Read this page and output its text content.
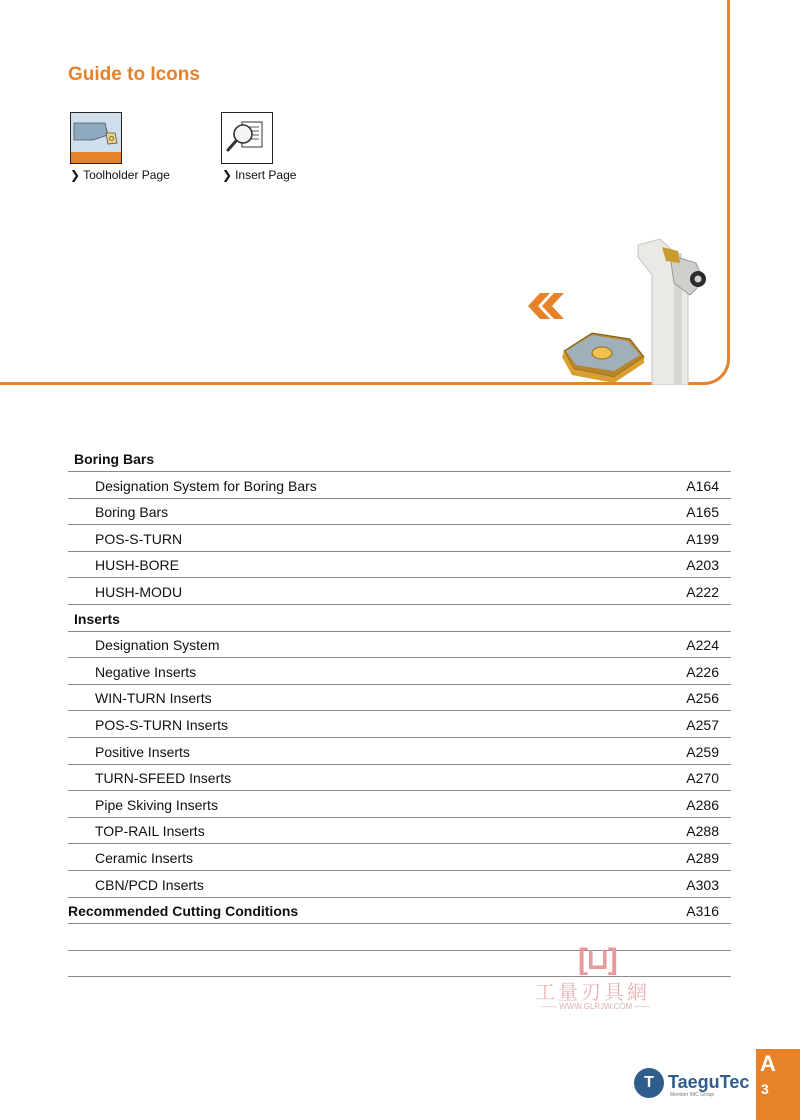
Guide to Icons
❯ Toolholder Page	❯ Insert Page
Boring Bars
Designation System for Boring Bars	A164
Boring Bars	A165
POS-S-TURN	A199
HUSH-BORE	A203
HUSH-MODU	A222
Inserts
Designation System	A224
Negative Inserts	A226
WIN-TURN Inserts	A256
POS-S-TURN Inserts	A257
Positive Inserts	A259
TURN-SFEED Inserts	A270
Pipe Skiving Inserts	A286
TOP-RAIL Inserts	A288
Ceramic Inserts	A289
CBN/PCD Inserts	A303
Recommended Cutting Conditions	A316
[⊔]
工量刃具網
—— WWW.GLRJW.COM ——
T TaeguTec
Member IMC Group
A
3
